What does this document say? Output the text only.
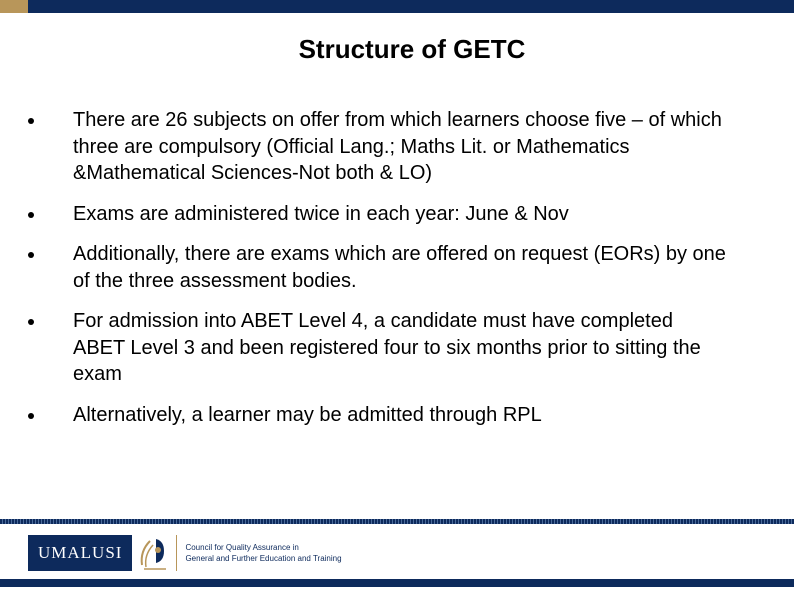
Structure of GETC
There are 26 subjects on offer from which learners choose five – of which three are compulsory (Official Lang.; Maths Lit. or Mathematics &Mathematical Sciences-Not both & LO)
Exams are administered twice in each year: June & Nov
Additionally, there are exams which are offered on request (EORs) by one of the three assessment bodies.
For admission into ABET Level 4, a candidate must have completed ABET Level 3 and been registered four to six months prior to sitting the exam
Alternatively, a learner may be admitted through RPL
UMALUSI	Council for Quality Assurance in
General and Further Education and Training
